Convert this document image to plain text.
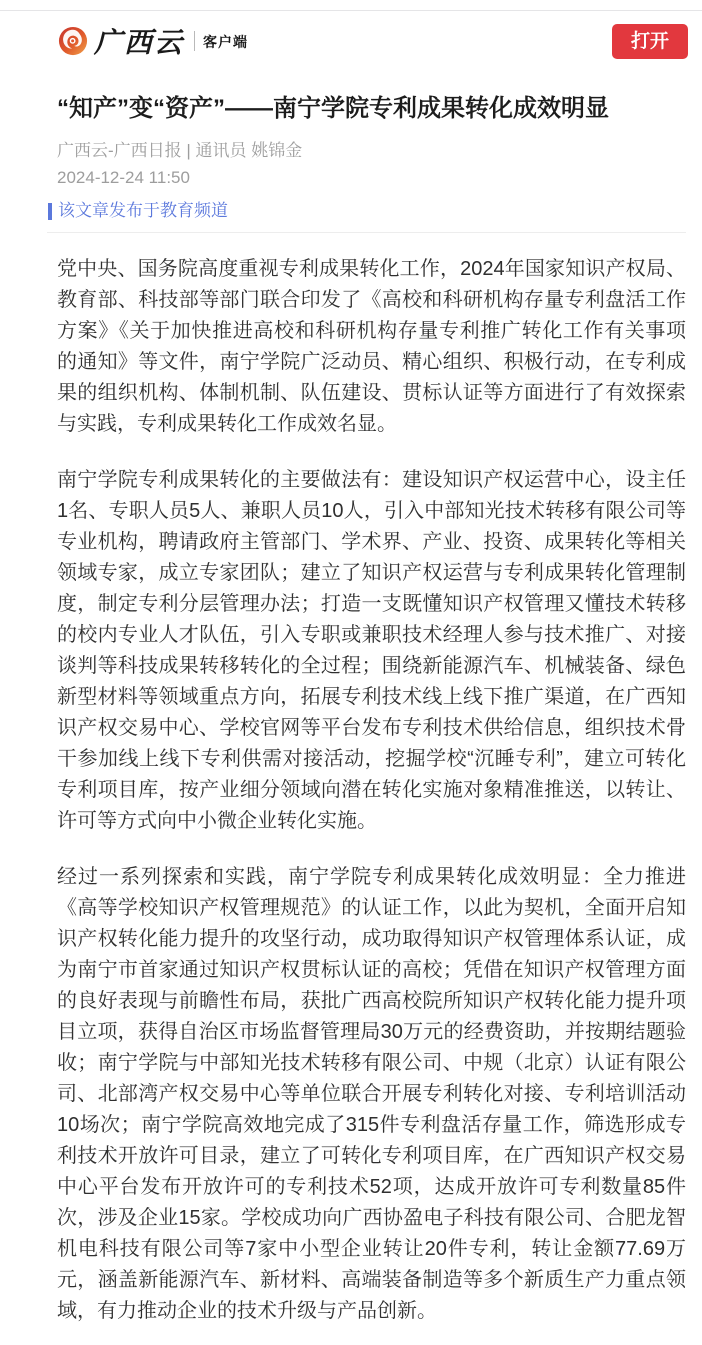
广西云 客户端	打开
“知产”变“资产”——南宁学院专利成果转化成效明显
广西云-广西日报 | 通讯员 姚锦金
2024-12-24 11:50
该文章发布于教育频道

党中央、国务院高度重视专利成果转化工作，2024年国家知识产权局、教育部、科技部等部门联合印发了《高校和科研机构存量专利盘活工作方案》《关于加快推进高校和科研机构存量专利推广转化工作有关事项的通知》等文件，南宁学院广泛动员、精心组织、积极行动，在专利成果的组织机构、体制机制、队伍建设、贯标认证等方面进行了有效探索与实践，专利成果转化工作成效名显。

南宁学院专利成果转化的主要做法有：建设知识产权运营中心，设主任1名、专职人员5人、兼职人员10人，引入中部知光技术转移有限公司等专业机构，聘请政府主管部门、学术界、产业、投资、成果转化等相关领域专家，成立专家团队；建立了知识产权运营与专利成果转化管理制度，制定专利分层管理办法；打造一支既懂知识产权管理又懂技术转移的校内专业人才队伍，引入专职或兼职技术经理人参与技术推广、对接谈判等科技成果转移转化的全过程；围绕新能源汽车、机械装备、绿色新型材料等领域重点方向，拓展专利技术线上线下推广渠道，在广西知识产权交易中心、学校官网等平台发布专利技术供给信息，组织技术骨干参加线上线下专利供需对接活动，挖掘学校“沉睡专利”，建立可转化专利项目库，按产业细分领域向潜在转化实施对象精准推送，以转让、许可等方式向中小微企业转化实施。

经过一系列探索和实践，南宁学院专利成果转化成效明显：全力推进《高等学校知识产权管理规范》的认证工作，以此为契机，全面开启知识产权转化能力提升的攻坚行动，成功取得知识产权管理体系认证，成为南宁市首家通过知识产权贯标认证的高校；凭借在知识产权管理方面的良好表现与前瞻性布局，获批广西高校院所知识产权转化能力提升项目立项，获得自治区市场监督管理局30万元的经费资助，并按期结题验收；南宁学院与中部知光技术转移有限公司、中规（北京）认证有限公司、北部湾产权交易中心等单位联合开展专利转化对接、专利培训活动10场次；南宁学院高效地完成了315件专利盘活存量工作，筛选形成专利技术开放许可目录，建立了可转化专利项目库，在广西知识产权交易中心平台发布开放许可的专利技术52项，达成开放许可专利数量85件次，涉及企业15家。学校成功向广西协盈电子科技有限公司、合肥龙智机电科技有限公司等7家中小型企业转让20件专利，转让金额77.69万元，涵盖新能源汽车、新材料、高端装备制造等多个新质生产力重点领域，有力推动企业的技术升级与产品创新。
